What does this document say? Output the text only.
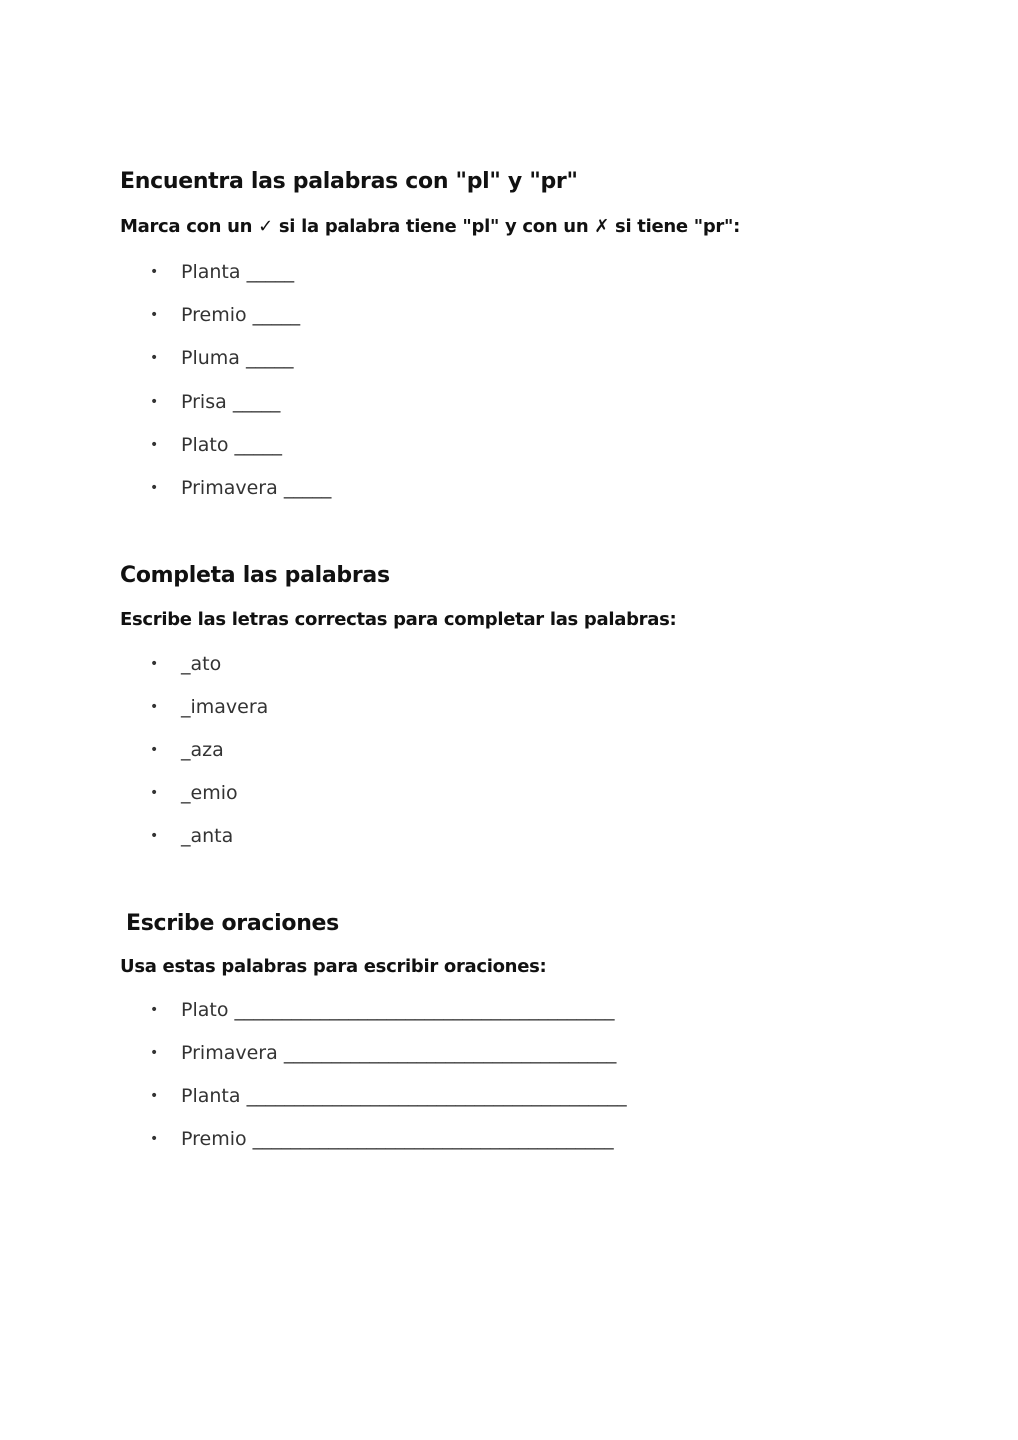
Encuentra las palabras con "pl" y "pr"
Marca con un ✓ si la palabra tiene "pl" y con un ✗ si tiene "pr":
• Planta _____
• Premio _____
• Pluma _____
• Prisa _____
• Plato _____
• Primavera _____
Completa las palabras
Escribe las letras correctas para completar las palabras:
• _ato
• _imavera
• _aza
• _emio
• _anta
Escribe oraciones
Usa estas palabras para escribir oraciones:
• Plato ________________________________________
• Primavera ___________________________________
• Planta ________________________________________
• Premio ______________________________________
